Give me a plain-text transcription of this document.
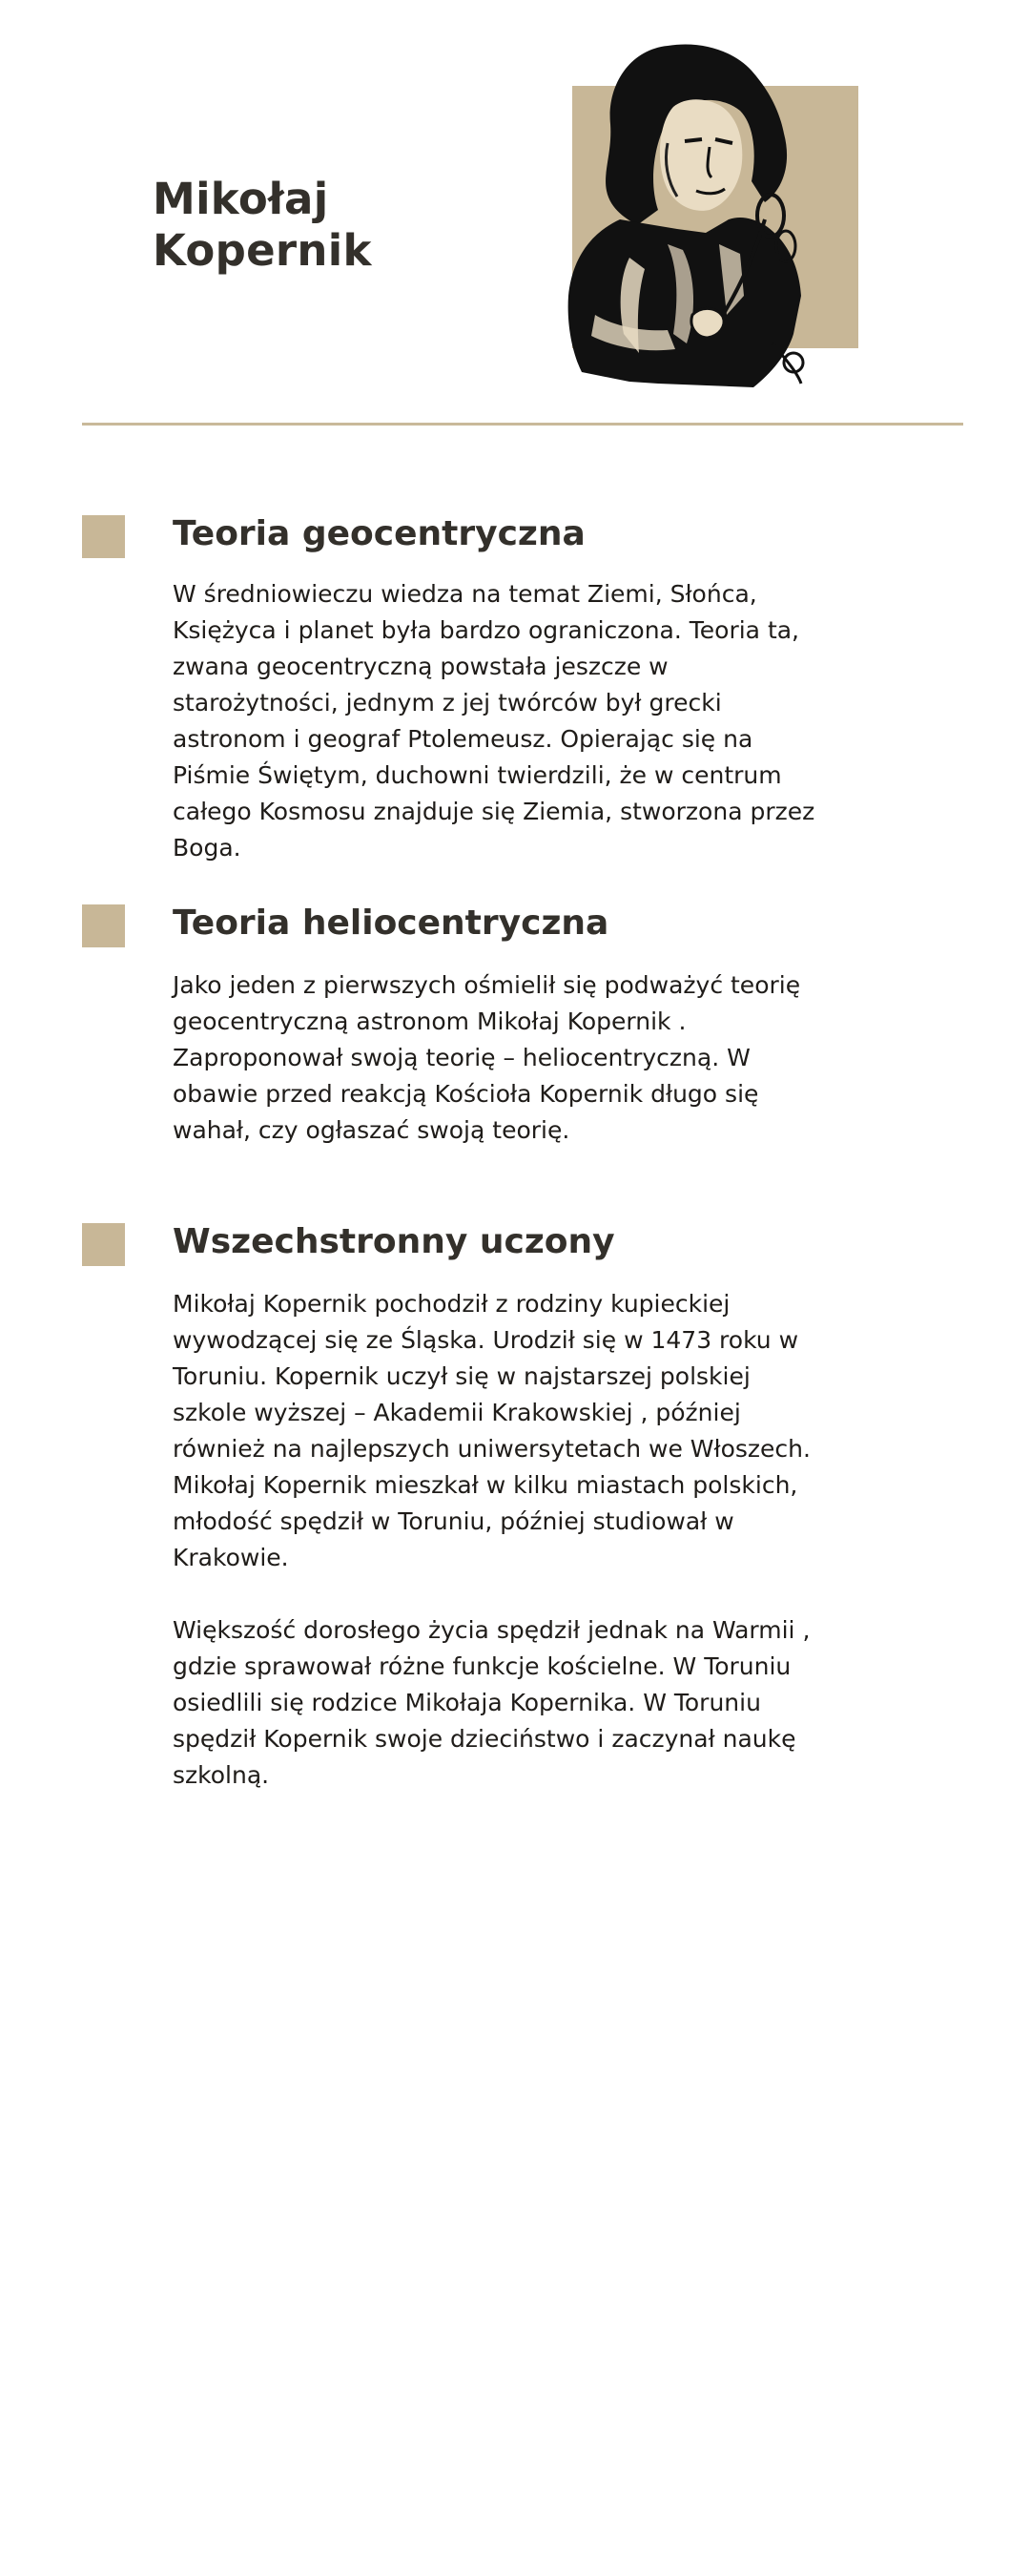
Mikołaj
Kopernik
Teoria geocentryczna

W średniowieczu wiedza na temat Ziemi, Słońca,
Księżyca i planet była bardzo ograniczona. Teoria ta,
zwana geocentryczną powstała jeszcze w
starożytności, jednym z jej twórców był grecki
astronom i geograf Ptolemeusz. Opierając się na
Piśmie Świętym, duchowni twierdzili, że w centrum
całego Kosmosu znajduje się Ziemia, stworzona przez
Boga.

Teoria heliocentryczna

Jako jeden z pierwszych ośmielił się podważyć teorię
geocentryczną astronom Mikołaj Kopernik .
Zaproponował swoją teorię – heliocentryczną. W
obawie przed reakcją Kościoła Kopernik długo się
wahał, czy ogłaszać swoją teorię.

Wszechstronny uczony

Mikołaj Kopernik pochodził z rodziny kupieckiej
wywodzącej się ze Śląska. Urodził się w 1473 roku w
Toruniu. Kopernik uczył się w najstarszej polskiej
szkole wyższej – Akademii Krakowskiej , później
również na najlepszych uniwersytetach we Włoszech.
Mikołaj Kopernik mieszkał w kilku miastach polskich,
młodość spędził w Toruniu, później studiował w
Krakowie.

Większość dorosłego życia spędził jednak na Warmii ,
gdzie sprawował różne funkcje kościelne. W Toruniu
osiedlili się rodzice Mikołaja Kopernika. W Toruniu
spędził Kopernik swoje dzieciństwo i zaczynał naukę
szkolną.
